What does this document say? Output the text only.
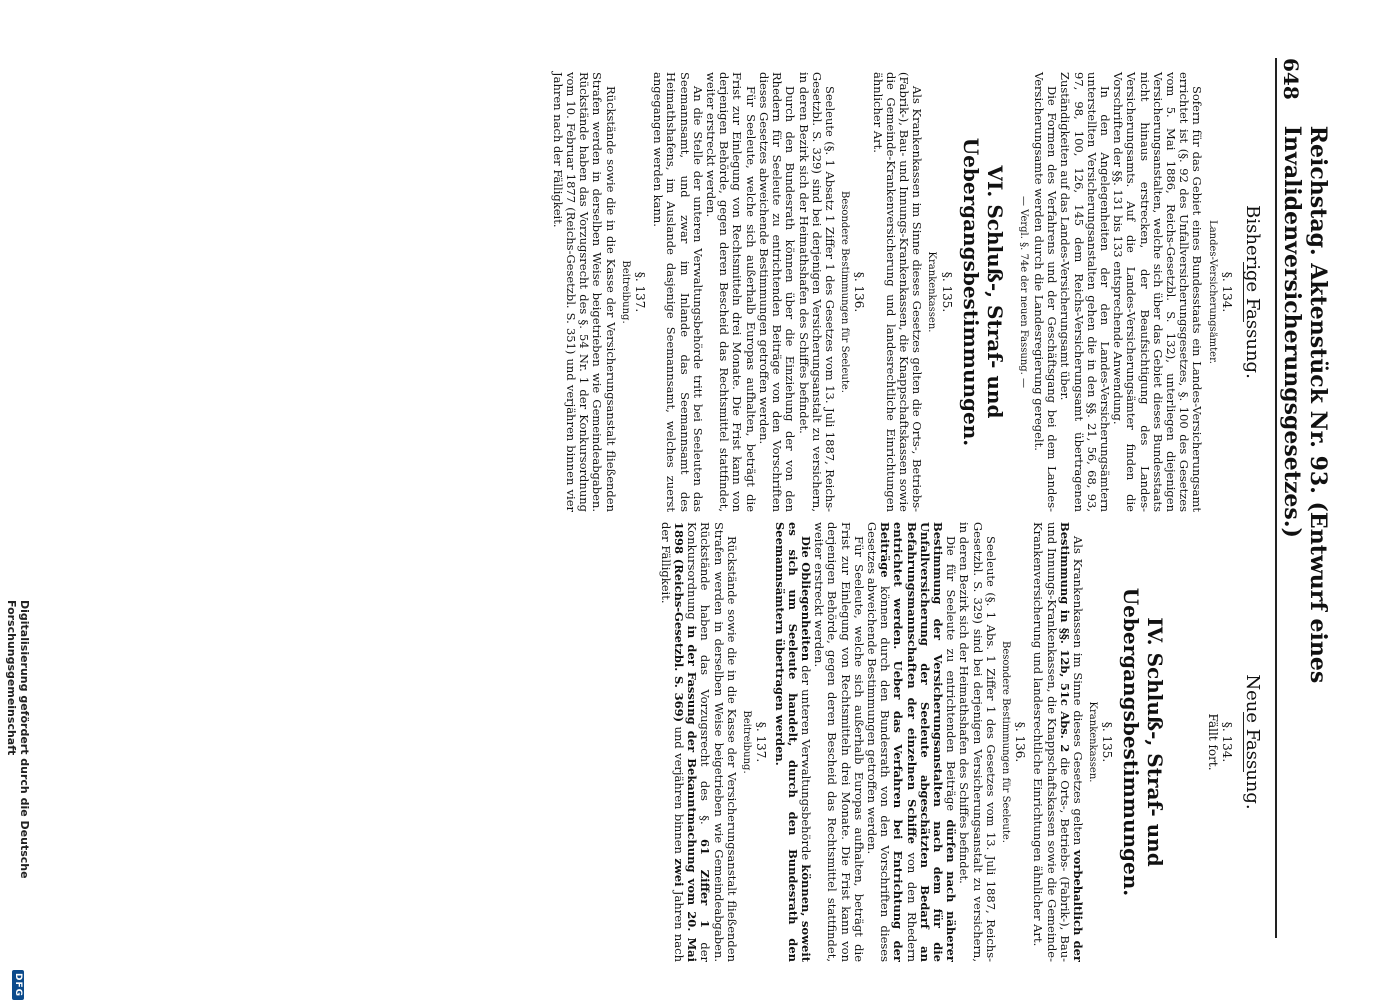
648
Reichstag. Aktenstück Nr. 93. (Entwurf eines Invalidenversicherungsgesetzes.)
Bisherige Fassung.
§. 134.
Landes-Versicherungsämter.

Sofern für das Gebiet eines Bundesstaats ein Landes-Versicherungsamt errichtet ist (§. 92 des Unfallversicherungsgesetzes, §. 100 des Gesetzes vom 5. Mai 1886, Reichs-Gesetzbl. S. 132), unterliegen diejenigen Versicherungsanstalten, welche sich über das Gebiet dieses Bundesstaats nicht hinaus erstrecken, der Beaufsichtigung des Landes-Versicherungsamts. Auf die Landes-Versicherungsämter finden die Vorschriften der §§. 131 bis 133 entsprechende Anwendung.

In den Angelegenheiten der den Landes-Versicherungsämtern unterstellten Versicherungsanstalten gehen die in den §§. 21, 56, 68, 93, 97, 98, 100, 126, 145 dem Reichs-Versicherungsamt übertragenen Zuständigkeiten auf das Landes-Versicherungsamt über.

Die Formen des Verfahrens und der Geschäftsgang bei dem Landes-Versicherungsamte werden durch die Landesregierung geregelt.

— Vergl. §. 74e der neuen Fassung. —
VI. Schluß-, Straf- und Uebergangsbestimmungen.
§. 135.
Krankenkassen.

Als Krankenkassen im Sinne dieses Gesetzes gelten die Orts-, Betriebs- (Fabrik-), Bau- und Innungs-Krankenkassen, die Knappschaftskassen sowie die Gemeinde-Krankenversicherung und landesrechtliche Einrichtungen ähnlicher Art.

§. 136.
Besondere Bestimmungen für Seeleute.

Seeleute (§. 1 Absatz 1 Ziffer 1 des Gesetzes vom 13. Juli 1887, Reichs-Gesetzbl. S. 329) sind bei derjenigen Versicherungsanstalt zu versichern, in deren Bezirk sich der Heimathshafen des Schiffes befindet.

Durch den Bundesrath können über die Einziehung der von den Rhedern für Seeleute zu entrichtenden Beiträge von den Vorschriften dieses Gesetzes abweichende Bestimmungen getroffen werden.

Für Seeleute, welche sich außerhalb Europas aufhalten, beträgt die Frist zur Einlegung von Rechtsmitteln drei Monate. Die Frist kann von derjenigen Behörde, gegen deren Bescheid das Rechtsmittel stattfindet, weiter erstreckt werden.

An die Stelle der unteren Verwaltungsbehörde tritt bei Seeleuten das Seemannsamt, und zwar im Inlande das Seemannsamt des Heimathshafens, im Auslande dasjenige Seemannsamt, welches zuerst angegangen werden kann.

§. 137.
Beitreibung.

Rückstände sowie die in die Kasse der Versicherungsanstalt fließenden Strafen werden in derselben Weise beigetrieben wie Gemeindeabgaben. Rückstände haben das Vorzugsrecht des §. 54 Nr. 1 der Konkursordnung vom 10. Februar 1877 (Reichs-Gesetzbl. S. 351) und verjähren binnen vier Jahren nach der Fälligkeit.

Neue Fassung.
§. 134.
Fällt fort.
IV. Schluß-, Straf- und Uebergangsbestimmungen.
§. 135.
Krankenkassen.

Als Krankenkassen im Sinne dieses Gesetzes gelten vorbehaltlich der Bestimmung in §§. 12b, 51c Abs. 2 die Orts-, Betriebs- (Fabrik-), Bau- und Innungs-Krankenkassen, die Knappschaftskassen sowie die Gemeinde-Krankenversicherung und landesrechtliche Einrichtungen ähnlicher Art.

§. 136.
Besondere Bestimmungen für Seeleute.

Seeleute (§. 1 Abs. 1 Ziffer 1 des Gesetzes vom 13. Juli 1887, Reichs-Gesetzbl. S. 329) sind bei derjenigen Versicherungsanstalt zu versichern, in deren Bezirk sich der Heimathshafen des Schiffes befindet.

Die für Seeleute zu entrichtenden Beiträge dürfen nach näherer Bestimmung der Versicherungsanstalten nach dem für die Unfallversicherung der Seeleute abgeschätzten Bedarf an Befahrungsmannschaften der einzelnen Schiffe von den Rhedern entrichtet werden. Ueber das Verfahren bei Entrichtung der Beiträge können durch den Bundesrath von den Vorschriften dieses Gesetzes abweichende Bestimmungen getroffen werden.

Für Seeleute, welche sich außerhalb Europas aufhalten, beträgt die Frist zur Einlegung von Rechtsmitteln drei Monate. Die Frist kann von derjenigen Behörde, gegen deren Bescheid das Rechtsmittel stattfindet, weiter erstreckt werden.

Die Obliegenheiten der unteren Verwaltungsbehörde können, soweit es sich um Seeleute handelt, durch den Bundesrath den Seemannsämtern übertragen werden.

§. 137.
Beitreibung.

Rückstände sowie die in die Kasse der Versicherungsanstalt fließenden Strafen werden in derselben Weise beigetrieben wie Gemeindeabgaben. Rückstände haben das Vorzugsrecht des §. 61 Ziffer 1 der Konkursordnung in der Fassung der Bekanntmachung vom 20. Mai 1898 (Reichs-Gesetzbl. S. 369) und verjähren binnen zwei Jahren nach der Fälligkeit.

Digitalisierung gefördert durch die Deutsche Forschungsgemeinschaft
DFG
